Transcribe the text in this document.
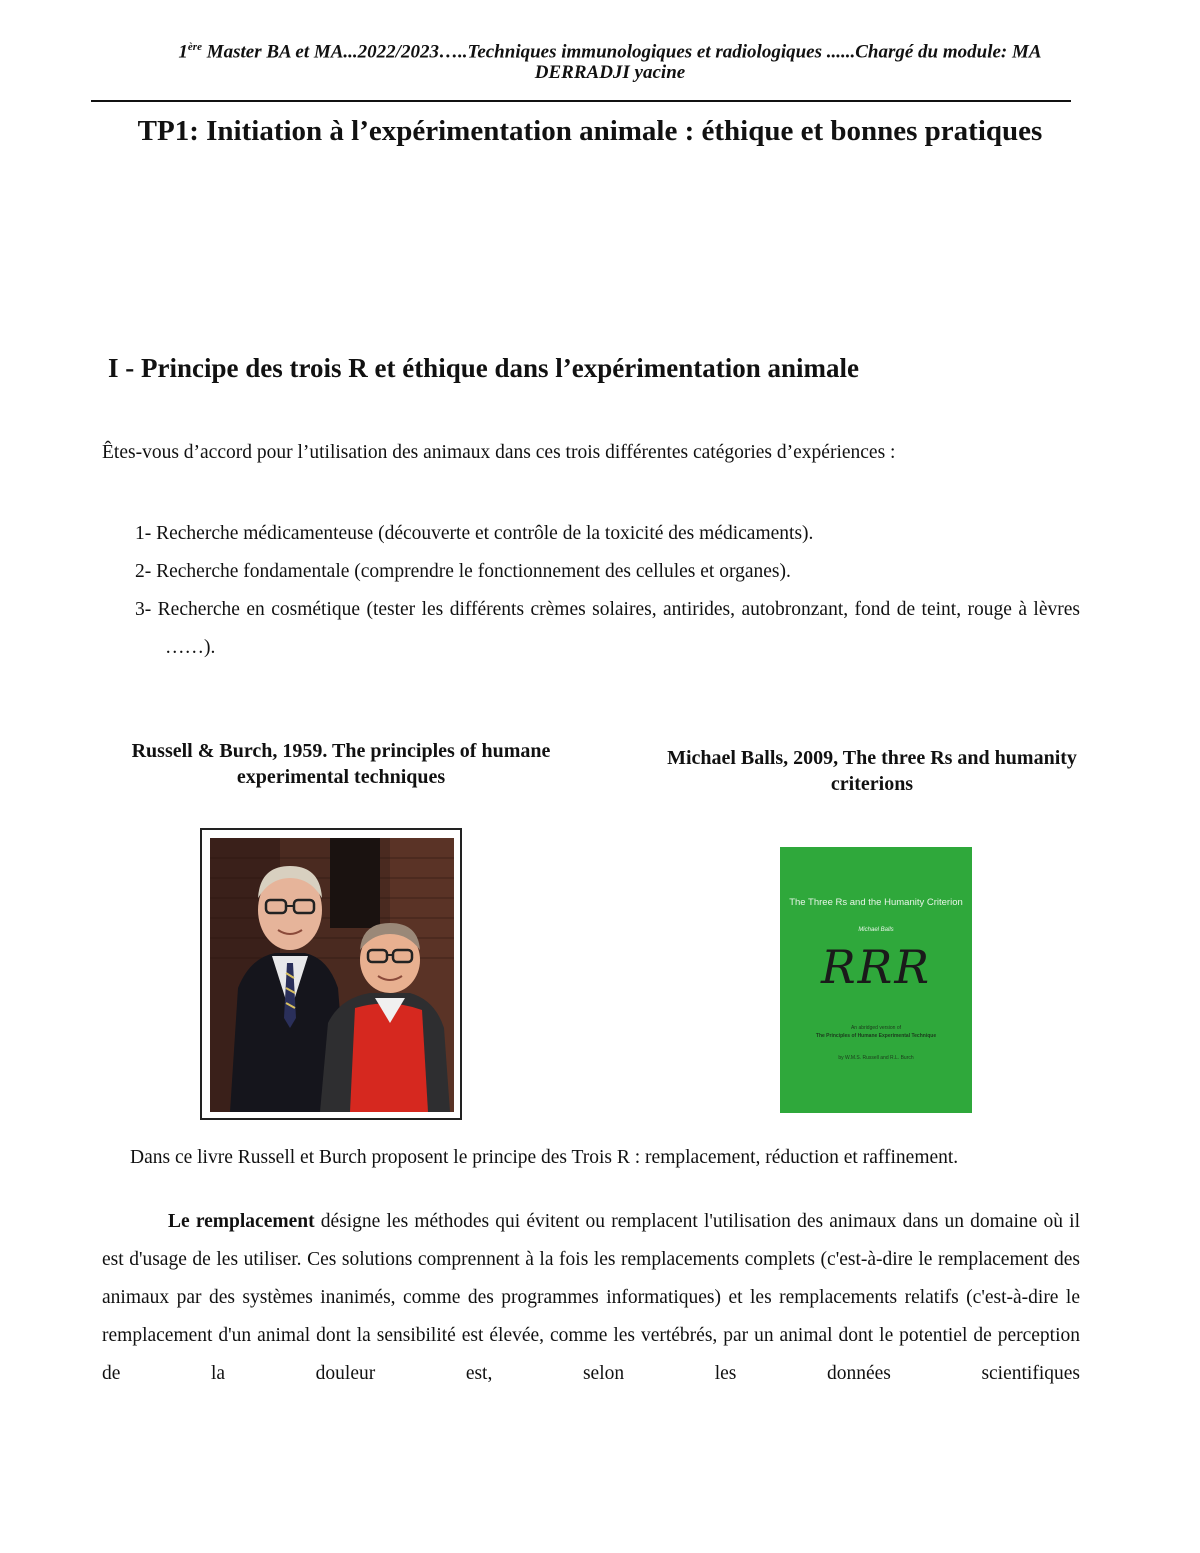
1ère Master BA et MA...2022/2023…..Techniques immunologiques et radiologiques ......Chargé du module: MA
DERRADJI yacine
TP1: Initiation à l’expérimentation animale : éthique et bonnes pratiques
I - Principe des trois R et éthique dans l’expérimentation animale
Êtes-vous d’accord pour l’utilisation des animaux dans ces trois différentes catégories d’expériences :
1- Recherche médicamenteuse (découverte et contrôle de la toxicité des médicaments).
2- Recherche fondamentale (comprendre le fonctionnement des cellules et organes).
3- Recherche en cosmétique (tester les différents crèmes solaires, antirides, autobronzant, fond de teint, rouge à lèvres ……).
Russell & Burch, 1959. The principles of humane experimental techniques
Michael Balls, 2009, The three Rs and humanity criterions
The Three Rs and the Humanity Criterion
Michael Balls
RRR
An abridged version of
The Principles of Humane Experimental Technique
by W.M.S. Russell and R.L. Burch
Dans ce livre Russell et Burch proposent le principe des Trois R : remplacement, réduction et raffinement.

Le remplacement désigne les méthodes qui évitent ou remplacent l'utilisation des animaux dans un domaine où il est d'usage de les utiliser. Ces solutions comprennent à la fois les remplacements complets (c'est-à-dire le remplacement des animaux par des systèmes inanimés, comme des programmes informatiques) et les remplacements relatifs (c'est-à-dire le remplacement d'un animal dont la sensibilité est élevée, comme les vertébrés, par un animal dont le potentiel de perception de la douleur est, selon les données scientifiques
